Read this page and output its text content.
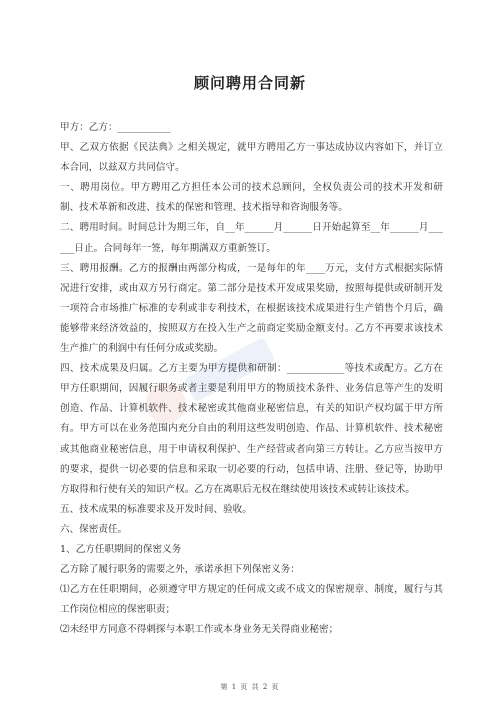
顾问聘用合同新

甲方：乙方：___________

甲、乙双方依据《民法典》之相关规定，就甲方聘用乙方一事达成协议内容如下，并订立本合同，以兹双方共同信守。

一、聘用岗位。甲方聘用乙方担任本公司的技术总顾问，全权负责公司的技术开发和研制、技术革新和改进、技术的保密和管理、技术指导和咨询服务等。

二、聘用时间。时间总计为期三年，自__年______月______日开始起算至__年______月______日止。合同每年一签，每年期满双方重新签订。

三、聘用报酬。乙方的报酬由两部分构成，一是每年的年____万元，支付方式根据实际情况进行安排，或由双方另行商定。第二部分是技术开发成果奖励，按照每提供或研制开发一项符合市场推广标准的专利或非专利技术，在根据该技术成果进行生产销售个月后，确能够带来经济效益的，按照双方在投入生产之前商定奖励金额支付。乙方不再要求该技术生产推广的利润中有任何分成或奖励。

四、技术成果及归属。乙方主要为甲方提供和研制：____________等技术或配方。乙方在甲方任职期间，因履行职务或者主要是利用甲方的物质技术条件、业务信息等产生的发明创造、作品、计算机软件、技术秘密或其他商业秘密信息，有关的知识产权均属于甲方所有。甲方可以在业务范围内充分自由的利用这些发明创造、作品、计算机软件、技术秘密或其他商业秘密信息，用于申请权利保护、生产经营或者向第三方转让。乙方应当按甲方的要求，提供一切必要的信息和采取一切必要的行动，包括申请、注册、登记等，协助甲方取得和行使有关的知识产权。乙方在离职后无权在继续使用该技术或转让该技术。

五、技术成果的标准要求及开发时间、验收。

六、保密责任。

1、乙方任职期间的保密义务

乙方除了履行职务的需要之外，承诺承担下列保密义务：

⑴乙方在任职期间，必须遵守甲方规定的任何成文或不成文的保密规章、制度，履行与其工作岗位相应的保密职责；

⑵未经甲方同意不得刺探与本职工作或本身业务无关得商业秘密；

第 1 页 共 2 页
